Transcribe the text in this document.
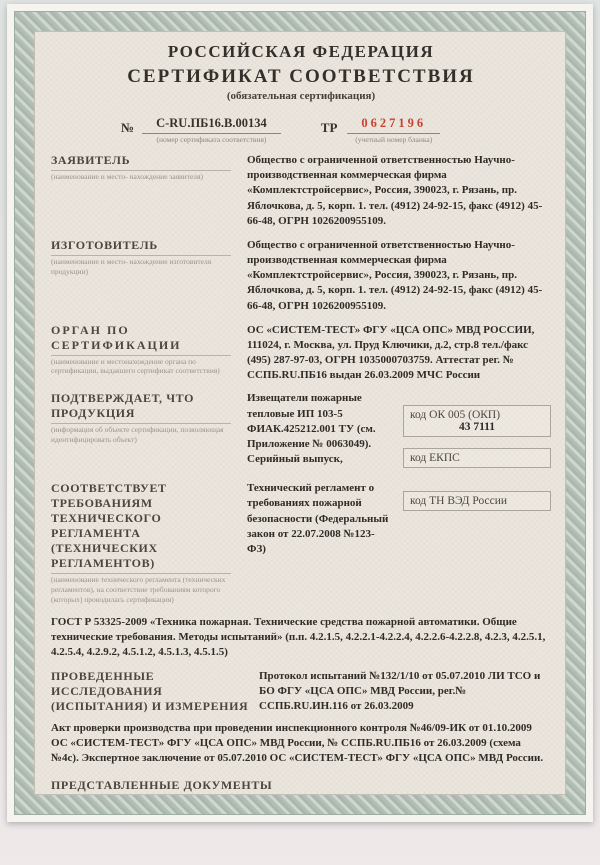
РОССИЙСКАЯ ФЕДЕРАЦИЯ
СЕРТИФИКАТ СООТВЕТСТВИЯ
(обязательная сертификация)
№	C-RU.ПБ16.В.00134
(номер сертификата соответствия)
ТР	0627196
(учетный номер бланка)
ЗАЯВИТЕЛЬ
(наименование и место- нахождение заявителя)

Общество с ограниченной ответственностью Научно-производственная коммерческая фирма «Комплектстройсервис», Россия, 390023, г. Рязань, пр. Яблочкова, д. 5, корп. 1. тел. (4912) 24-92-15, факс (4912) 45-66-48, ОГРН 1026200955109.

ИЗГОТОВИТЕЛЬ
(наименование и место- нахождение изготовителя продукции)

Общество с ограниченной ответственностью Научно-производственная коммерческая фирма «Комплектстройсервис», Россия, 390023, г. Рязань, пр. Яблочкова, д. 5, корп. 1. тел. (4912) 24-92-15, факс (4912) 45-66-48, ОГРН 1026200955109.

ОРГАН ПО СЕРТИФИКАЦИИ
(наименование и местонахождение органа по сертификации, выдавшего сертификат соответствия)

ОС «СИСТЕМ-ТЕСТ» ФГУ «ЦСА ОПС» МВД РОССИИ, 111024, г. Москва, ул. Пруд Ключики, д.2, стр.8 тел./факс (495) 287-97-03, ОГРН 1035000703759. Аттестат рег. № ССПБ.RU.ПБ16 выдан 26.03.2009 МЧС России

ПОДТВЕРЖДАЕТ, ЧТО ПРОДУКЦИЯ
(информация об объекте сертификации, позволяющая идентифицировать объект)

Извещатели пожарные тепловые ИП 103-5 ФИАК.425212.001 ТУ (см. Приложение № 0063049). Серийный выпуск,

СООТВЕТСТВУЕТ ТРЕБОВАНИЯМ ТЕХНИЧЕСКОГО РЕГЛАМЕНТА (ТЕХНИЧЕСКИХ РЕГЛАМЕНТОВ)
(наименование технического регламента (технических регламентов), на соответствие требованиям которого (которых) проводилась сертификация)

Технический регламент о требованиях пожарной безопасности (Федеральный закон от 22.07.2008 №123-ФЗ)

код ОК 005 (ОКП)
43 7111
код ЕКПС
код ТН ВЭД России

ГОСТ Р 53325-2009 «Техника пожарная. Технические средства пожарной автоматики. Общие технические требования. Методы испытаний» (п.п. 4.2.1.5, 4.2.2.1-4.2.2.4, 4.2.2.6-4.2.2.8, 4.2.3, 4.2.5.1, 4.2.5.4, 4.2.9.2, 4.5.1.2, 4.5.1.3, 4.5.1.5)

ПРОВЕДЕННЫЕ ИССЛЕДОВАНИЯ (ИСПЫТАНИЯ) И ИЗМЕРЕНИЯ

Протокол испытаний №132/1/10 от 05.07.2010 ЛИ ТСО и БО ФГУ «ЦСА ОПС» МВД России, рег.№ ССПБ.RU.ИН.116 от 26.03.2009

Акт проверки производства при проведении инспекционного контроля №46/09-ИК от 01.10.2009 ОС «СИСТЕМ-ТЕСТ» ФГУ «ЦСА ОПС» МВД России, № ССПБ.RU.ПБ16 от 26.03.2009 (схема №4с). Экспертное заключение от 05.07.2010 ОС «СИСТЕМ-ТЕСТ» ФГУ «ЦСА ОПС» МВД России.

ПРЕДСТАВЛЕННЫЕ ДОКУМЕНТЫ
